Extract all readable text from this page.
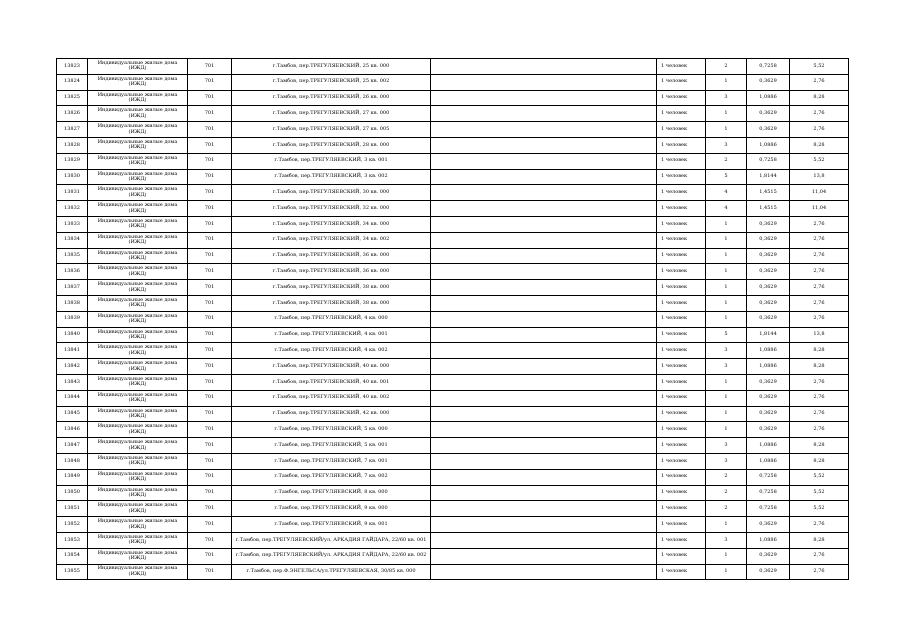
13823	Индивидуальные жилые дома (ИЖД)	701	г.Тамбов, пер.ТРЕГУЛЯЕВСКИЙ, 25 кв. 000		1 человек	2	0,7258	5,52
13824	Индивидуальные жилые дома (ИЖД)	701	г.Тамбов, пер.ТРЕГУЛЯЕВСКИЙ, 25 кв. 002		1 человек	1	0,3629	2,76
13825	Индивидуальные жилые дома (ИЖД)	701	г.Тамбов, пер.ТРЕГУЛЯЕВСКИЙ, 26 кв. 000		1 человек	3	1,0886	8,28
13826	Индивидуальные жилые дома (ИЖД)	701	г.Тамбов, пер.ТРЕГУЛЯЕВСКИЙ, 27 кв. 000		1 человек	1	0,3629	2,76
13827	Индивидуальные жилые дома (ИЖД)	701	г.Тамбов, пер.ТРЕГУЛЯЕВСКИЙ, 27 кв. 005		1 человек	1	0,3629	2,76
13828	Индивидуальные жилые дома (ИЖД)	701	г.Тамбов, пер.ТРЕГУЛЯЕВСКИЙ, 28 кв. 000		1 человек	3	1,0886	8,28
13829	Индивидуальные жилые дома (ИЖД)	701	г.Тамбов, пер.ТРЕГУЛЯЕВСКИЙ, 3 кв. 001		1 человек	2	0,7258	5,52
13830	Индивидуальные жилые дома (ИЖД)	701	г.Тамбов, пер.ТРЕГУЛЯЕВСКИЙ, 3 кв. 002		1 человек	5	1,8144	13,8
13831	Индивидуальные жилые дома (ИЖД)	701	г.Тамбов, пер.ТРЕГУЛЯЕВСКИЙ, 30 кв. 000		1 человек	4	1,4515	11,04
13832	Индивидуальные жилые дома (ИЖД)	701	г.Тамбов, пер.ТРЕГУЛЯЕВСКИЙ, 32 кв. 000		1 человек	4	1,4515	11,04
13833	Индивидуальные жилые дома (ИЖД)	701	г.Тамбов, пер.ТРЕГУЛЯЕВСКИЙ, 34 кв. 000		1 человек	1	0,3629	2,76
13834	Индивидуальные жилые дома (ИЖД)	701	г.Тамбов, пер.ТРЕГУЛЯЕВСКИЙ, 34 кв. 002		1 человек	1	0,3629	2,76
13835	Индивидуальные жилые дома (ИЖД)	701	г.Тамбов, пер.ТРЕГУЛЯЕВСКИЙ, 36 кв. 000		1 человек	1	0,3629	2,76
13836	Индивидуальные жилые дома (ИЖД)	701	г.Тамбов, пер.ТРЕГУЛЯЕВСКИЙ, 36 кв. 000		1 человек	1	0,3629	2,76
13837	Индивидуальные жилые дома (ИЖД)	701	г.Тамбов, пер.ТРЕГУЛЯЕВСКИЙ, 38 кв. 000		1 человек	1	0,3629	2,76
13838	Индивидуальные жилые дома (ИЖД)	701	г.Тамбов, пер.ТРЕГУЛЯЕВСКИЙ, 38 кв. 000		1 человек	1	0,3629	2,76
13839	Индивидуальные жилые дома (ИЖД)	701	г.Тамбов, пер.ТРЕГУЛЯЕВСКИЙ, 4 кв. 000		1 человек	1	0,3629	2,76
13840	Индивидуальные жилые дома (ИЖД)	701	г.Тамбов, пер.ТРЕГУЛЯЕВСКИЙ, 4 кв. 001		1 человек	5	1,8144	13,8
13841	Индивидуальные жилые дома (ИЖД)	701	г.Тамбов, пер.ТРЕГУЛЯЕВСКИЙ, 4 кв. 002		1 человек	3	1,0886	8,28
13842	Индивидуальные жилые дома (ИЖД)	701	г.Тамбов, пер.ТРЕГУЛЯЕВСКИЙ, 40 кв. 000		1 человек	3	1,0886	8,28
13843	Индивидуальные жилые дома (ИЖД)	701	г.Тамбов, пер.ТРЕГУЛЯЕВСКИЙ, 40 кв. 001		1 человек	1	0,3629	2,76
13844	Индивидуальные жилые дома (ИЖД)	701	г.Тамбов, пер.ТРЕГУЛЯЕВСКИЙ, 40 кв. 002		1 человек	1	0,3629	2,76
13845	Индивидуальные жилые дома (ИЖД)	701	г.Тамбов, пер.ТРЕГУЛЯЕВСКИЙ, 42 кв. 000		1 человек	1	0,3629	2,76
13846	Индивидуальные жилые дома (ИЖД)	701	г.Тамбов, пер.ТРЕГУЛЯЕВСКИЙ, 5 кв. 000		1 человек	1	0,3629	2,76
13847	Индивидуальные жилые дома (ИЖД)	701	г.Тамбов, пер.ТРЕГУЛЯЕВСКИЙ, 5 кв. 001		1 человек	3	1,0886	8,28
13848	Индивидуальные жилые дома (ИЖД)	701	г.Тамбов, пер.ТРЕГУЛЯЕВСКИЙ, 7 кв. 001		1 человек	3	1,0886	8,28
13849	Индивидуальные жилые дома (ИЖД)	701	г.Тамбов, пер.ТРЕГУЛЯЕВСКИЙ, 7 кв. 002		1 человек	2	0,7258	5,52
13850	Индивидуальные жилые дома (ИЖД)	701	г.Тамбов, пер.ТРЕГУЛЯЕВСКИЙ, 8 кв. 000		1 человек	2	0,7258	5,52
13851	Индивидуальные жилые дома (ИЖД)	701	г.Тамбов, пер.ТРЕГУЛЯЕВСКИЙ, 9 кв. 000		1 человек	2	0,7258	5,52
13852	Индивидуальные жилые дома (ИЖД)	701	г.Тамбов, пер.ТРЕГУЛЯЕВСКИЙ, 9 кв. 001		1 человек	1	0,3629	2,76
13853	Индивидуальные жилые дома (ИЖД)	701	г.Тамбов, пер.ТРЕГУЛЯЕВСКИЙ/ул. АРКАДИЯ ГАЙДАРА, 22/60 кв. 001		1 человек	3	1,0886	8,28
13854	Индивидуальные жилые дома (ИЖД)	701	г.Тамбов, пер.ТРЕГУЛЯЕВСКИЙ/ул. АРКАДИЯ ГАЙДАРА, 22/60 кв. 002		1 человек	1	0,3629	2,76
13855	Индивидуальные жилые дома (ИЖД)	701	г.Тамбов, пер.Ф.ЭНГЕЛЬСА/ул.ТРЕГУЛЯЕВСКАЯ, 30/85 кв. 000		1 человек	1	0,3629	2,76
